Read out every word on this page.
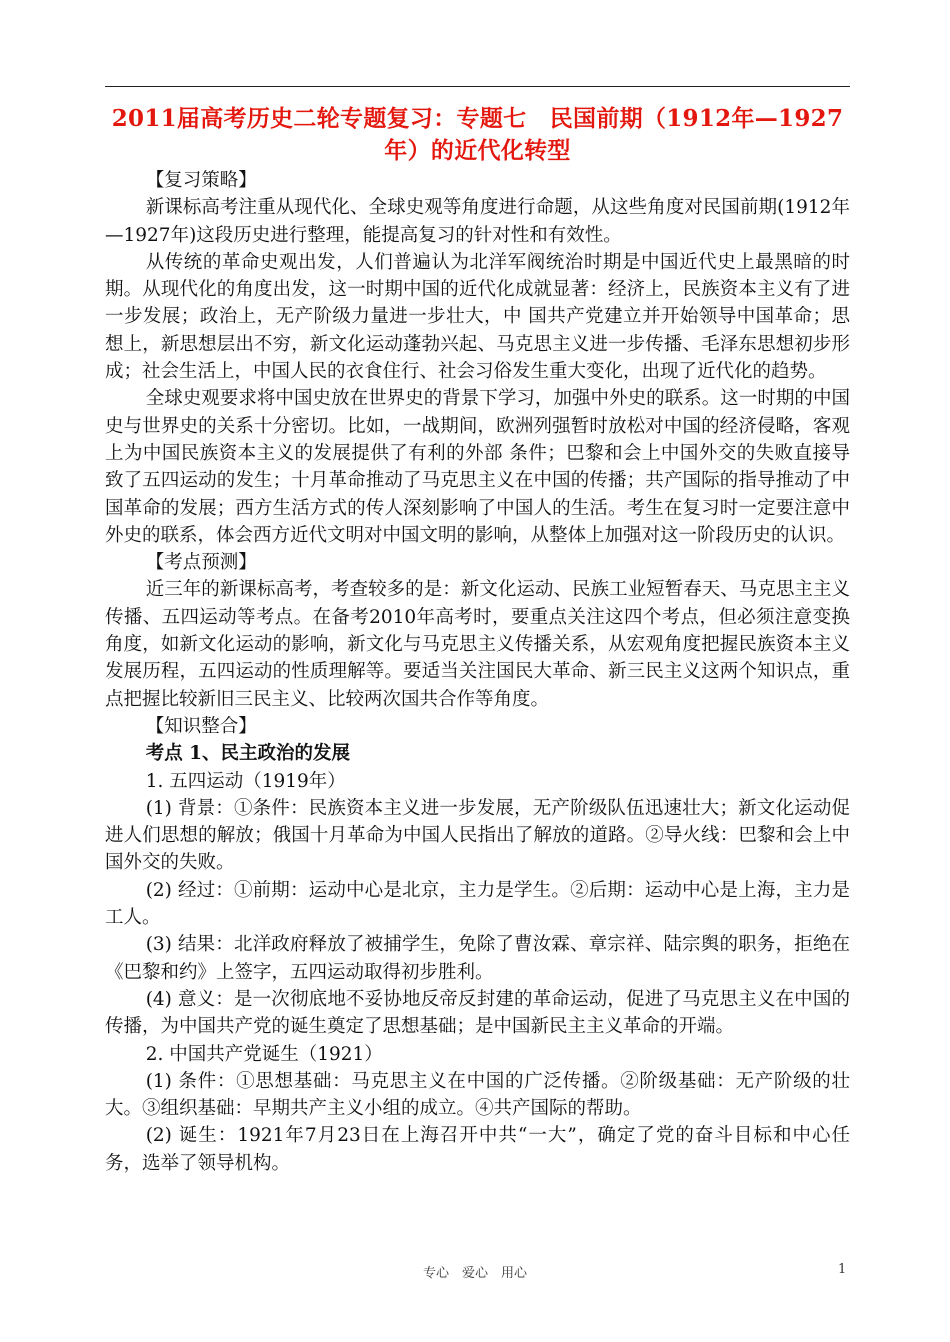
2011届高考历史二轮专题复习：专题七　民国前期（1912年—1927年）的近代化转型

【复习策略】

新课标高考注重从现代化、全球史观等角度进行命题，从这些角度对民国前期(1912年—1927年)这段历史进行整理，能提高复习的针对性和有效性。

从传统的革命史观出发，人们普遍认为北洋军阀统治时期是中国近代史上最黑暗的时期。从现代化的角度出发，这一时期中国的近代化成就显著：经济上，民族资本主义有了进一步发展；政治上，无产阶级力量进一步壮大，中 国共产党建立并开始领导中国革命；思想上，新思想层出不穷，新文化运动蓬勃兴起、马克思主义进一步传播、毛泽东思想初步形成；社会生活上，中国人民的衣食住行、社会习俗发生重大变化，出现了近代化的趋势。

全球史观要求将中国史放在世界史的背景下学习，加强中外史的联系。这一时期的中国史与世界史的关系十分密切。比如，一战期间，欧洲列强暂时放松对中国的经济侵略，客观上为中国民族资本主义的发展提供了有利的外部 条件；巴黎和会上中国外交的失败直接导致了五四运动的发生；十月革命推动了马克思主义在中国的传播；共产国际的指导推动了中国革命的发展；西方生活方式的传人深刻影响了中国人的生活。考生在复习时一定要注意中外史的联系，体会西方近代文明对中国文明的影响，从整体上加强对这一阶段历史的认识。

【考点预测】

近三年的新课标高考，考查较多的是：新文化运动、民族工业短暂春天、马克思主主义传播、五四运动等考点。在备考2010年高考时，要重点关注这四个考点，但必须注意变换角度，如新文化运动的影响，新文化与马克思主义传播关系，从宏观角度把握民族资本主义发展历程，五四运动的性质理解等。要适当关注国民大革命、新三民主义这两个知识点，重点把握比较新旧三民主义、比较两次国共合作等角度。

【知识整合】

考点 1、民主政治的发展

1. 五四运动（1919年）

(1) 背景：①条件：民族资本主义进一步发展，无产阶级队伍迅速壮大；新文化运动促进人们思想的解放；俄国十月革命为中国人民指出了解放的道路。②导火线：巴黎和会上中国外交的失败。

(2) 经过：①前期：运动中心是北京，主力是学生。②后期：运动中心是上海，主力是工人。

(3) 结果：北洋政府释放了被捕学生，免除了曹汝霖、章宗祥、陆宗舆的职务，拒绝在《巴黎和约》上签字，五四运动取得初步胜利。

(4) 意义：是一次彻底地不妥协地反帝反封建的革命运动，促进了马克思主义在中国的传播，为中国共产党的诞生奠定了思想基础；是中国新民主主义革命的开端。

2. 中国共产党诞生（1921）

(1) 条件：①思想基础：马克思主义在中国的广泛传播。②阶级基础：无产阶级的壮大。③组织基础：早期共产主义小组的成立。④共产国际的帮助。

(2) 诞生：1921年7月23日在上海召开中共“一大”，确定了党的奋斗目标和中心任务，选举了领导机构。

专心　爱心　用心	1
